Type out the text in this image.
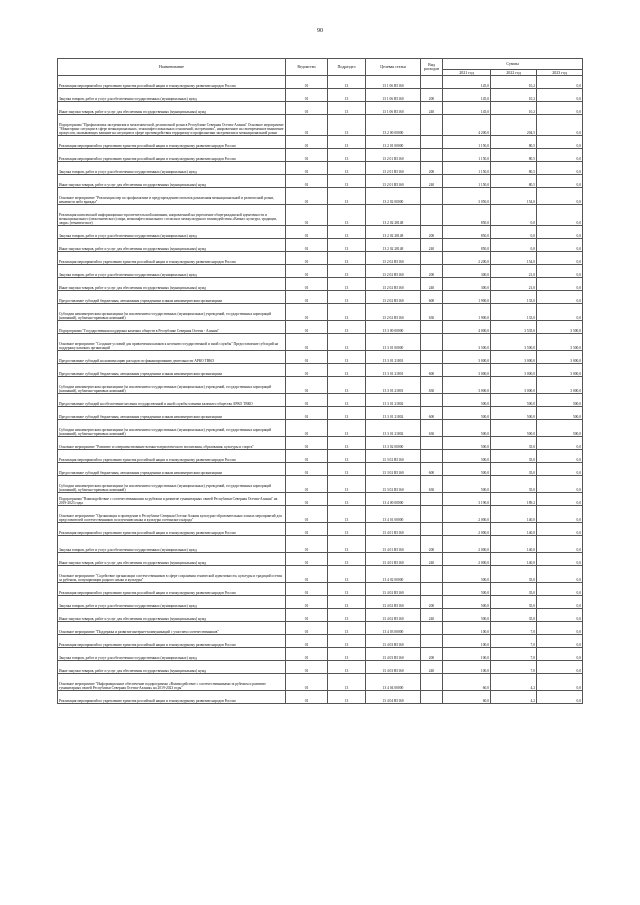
90
Наименование	Ведомство	Подраздел	Целевая статья	Вид расходов	Суммы		
					2021 год	2022 год	2023 год
Реализация мероприятий по укреплению единства российской нации и этнокультурному развитию народов России	01	13	13 1 06 R5160		145,0	10,2	0,0
Закупка товаров, работ и услуг для обеспечения государственных (муниципальных) нужд	01	13	13 1 06 R5160	200	145,0	10,2	0,0
Иные закупки товаров, работ и услуг для обеспечения государственных (муниципальных) нужд	01	13	13 1 06 R5160	240	145,0	10,2	0,0
Подпрограмма "Профилактика экстремизма и межэтнической, религиозной розни в Республике Северная Осетия-Алания" Основное мероприятие "Мониторинг ситуации в сфере межнациональных, этноконфессиональных отношений, экстремизма", направленное на своевременное выявление процессов, оказывающих влияние на ситуацию в сфере противодействия терроризму и профилактики экстремизма и межнациональной розни	01	13	13 2 00 00000		4 200,0	204,5	0,0
Реализация мероприятий по укреплению единства российской нации и этнокультурному развитию народов России	01	13	13 2 01 00000		1 150,0	80,5	0,0
Реализация мероприятий по укреплению единства российской нации и этнокультурному развитию народов России	01	13	13 2 01 R5160		1 150,0	80,5	0,0
Закупка товаров, работ и услуг для обеспечения государственных (муниципальных) нужд	01	13	13 2 01 R5160	200	1 150,0	80,5	0,0
Иные закупки товаров, работ и услуг для обеспечения государственных (муниципальных) нужд	01	13	13 2 01 R5160	240	1 150,0	80,5	0,0
Основное мероприятие "Реализация мер по профилактике и предупреждению попыток разжигания межнациональной и религиозной розни, ненависти либо вражды"	01	13	13 2 02 00000		3 050,0	154,0	0,0
Реализация комплексной информационно-просветительской кампании, направленной на укрепление общегражданской идентичности и межнационального (межэтнического) мира, межконфессионального согласия и межкультурного взаимодействия «Кавказ: культура, традиции, люди» (тематическое)	01	13	13 2 02 28148		850,0	0,0	0,0
Закупка товаров, работ и услуг для обеспечения государственных (муниципальных) нужд	01	13	13 2 02 28148	200	850,0	0,0	0,0
Иные закупки товаров, работ и услуг для обеспечения государственных (муниципальных) нужд	01	13	13 2 02 28148	240	850,0	0,0	0,0
Реализация мероприятий по укреплению единства российской нации и этнокультурному развитию народов России	01	13	13 2 02 R5160		2 200,0	154,0	0,0
Закупка товаров, работ и услуг для обеспечения государственных (муниципальных) нужд	01	13	13 2 02 R5160	200	300,0	21,0	0,0
Иные закупки товаров, работ и услуг для обеспечения государственных (муниципальных) нужд	01	13	13 2 02 R5160	240	300,0	21,0	0,0
Предоставление субсидий бюджетным, автономным учреждениям и иным некоммерческим организациям	01	13	13 2 02 R5160	600	1 900,0	133,0	0,0
Субсидии некоммерческим организациям (за исключением государственных (муниципальных) учреждений, государственных корпораций (компаний), публично-правовых компаний)	01	13	13 2 02 R5160	630	1 900,0	133,0	0,0
Подпрограмма "Государственная поддержка казачьих обществ в Республике Северная Осетия - Алания"	01	13	13 3 00 00000		4 000,0	3 535,0	3 500,0
Основное мероприятие "Создание условий для привлечения казаков к несению государственной и иной службы" Предоставление субсидий на поддержку казачьих организаций	01	13	13 3 01 00000		3 500,0	3 500,0	3 500,0
Предоставление субсидий на компенсацию расходов по финансированию деятельности АРКО ТВКО	01	13	13 3 01 21801		3 000,0	3 000,0	3 000,0
Предоставление субсидий бюджетным, автономным учреждениям и иным некоммерческим организациям	01	13	13 3 01 21801	600	3 000,0	3 000,0	3 000,0
Субсидии некоммерческим организациям (за исключением государственных (муниципальных) учреждений, государственных корпораций (компаний), публично-правовых компаний)	01	13	13 3 01 21801	630	3 000,0	3 000,0	3 000,0
Предоставление субсидий на обеспечение несения государственной и иной службы членами казачьего общества АРКО ТВКО	01	13	13 3 01 21802		500,0	500,0	500,0
Предоставление субсидий бюджетным, автономным учреждениям и иным некоммерческим организациям	01	13	13 3 01 21802	600	500,0	500,0	500,0
Субсидии некоммерческим организациям (за исключением государственных (муниципальных) учреждений, государственных корпораций (компаний), публично-правовых компаний)	01	13	13 3 01 21802	630	500,0	500,0	500,0
Основное мероприятие "Развитие и совершенствование военно-патриотического воспитания, образования, культуры и спорта"	01	13	13 3 02 00000		500,0	35,0	0,0
Реализация мероприятий по укреплению единства российской нации и этнокультурному развитию народов России	01	13	13 3 02 R5160		500,0	35,0	0,0
Предоставление субсидий бюджетным, автономным учреждениям и иным некоммерческим организациям	01	13	13 3 02 R5160	600	500,0	35,0	0,0
Субсидии некоммерческим организациям (за исключением государственных (муниципальных) учреждений, государственных корпораций (компаний), публично-правовых компаний)	01	13	13 3 02 R5160	630	500,0	35,0	0,0
Подпрограмма "Взаимодействие с соотечественниками за рубежом и развитие гуманитарных связей Республики Северная Осетия-Алания" на 2019-2023 годы	01	13	13 4 00 00000		3 190,0	189,2	0,0
Основное мероприятие "Организация и проведение в Республике Северная Осетия-Алания культурно-образовательных и иных мероприятий для представителей соотечественников по изучению языка и культуры осетинского народа"	01	13	13 4 01 00000		2 000,0	140,0	0,0
Реализация мероприятий по укреплению единства российской нации и этнокультурному развитию народов России	01	13	13 4 01 R5160		2 000,0	140,0	0,0
Закупка товаров, работ и услуг для обеспечения государственных (муниципальных) нужд	01	13	13 4 01 R5160	200	2 000,0	140,0	0,0
Иные закупки товаров, работ и услуг для обеспечения государственных (муниципальных) нужд	01	13	13 4 01 R5160	240	2 000,0	140,0	0,0
Основное мероприятие "Содействие организации соотечественников в сфере сохранения этнической идентичности, культуры и традиций осетин за рубежом, популяризации родного языка и культуры"	01	13	13 4 02 00000		500,0	35,0	0,0
Реализация мероприятий по укреплению единства российской нации и этнокультурному развитию народов России	01	13	13 4 02 R5160		500,0	35,0	0,0
Закупка товаров, работ и услуг для обеспечения государственных (муниципальных) нужд	01	13	13 4 02 R5160	200	500,0	35,0	0,0
Иные закупки товаров, работ и услуг для обеспечения государственных (муниципальных) нужд	01	13	13 4 02 R5160	240	500,0	35,0	0,0
Основное мероприятие "Поддержка и развитие интернет-коммуникаций с участием соотечественников"	01	13	13 4 03 00000		100,0	7,0	0,0
Реализация мероприятий по укреплению единства российской нации и этнокультурному развитию народов России	01	13	13 4 03 R5160		100,0	7,0	0,0
Закупка товаров, работ и услуг для обеспечения государственных (муниципальных) нужд	01	13	13 4 03 R5160	200	100,0	7,0	0,0
Иные закупки товаров, работ и услуг для обеспечения государственных (муниципальных) нужд	01	13	13 4 03 R5160	240	100,0	7,0	0,0
Основное мероприятие "Информационное обеспечение подпрограммы «Взаимодействие с соотечественниками за рубежом и развитие гуманитарных связей Республики Северная Осетия-Алания» на 2019-2023 годы"	01	13	13 4 04 00000		60,0	4,2	0,0
Реализация мероприятий по укреплению единства российской нации и этнокультурному развитию народов России	01	13	13 4 04 R5160		60,0	4,2	0,0
